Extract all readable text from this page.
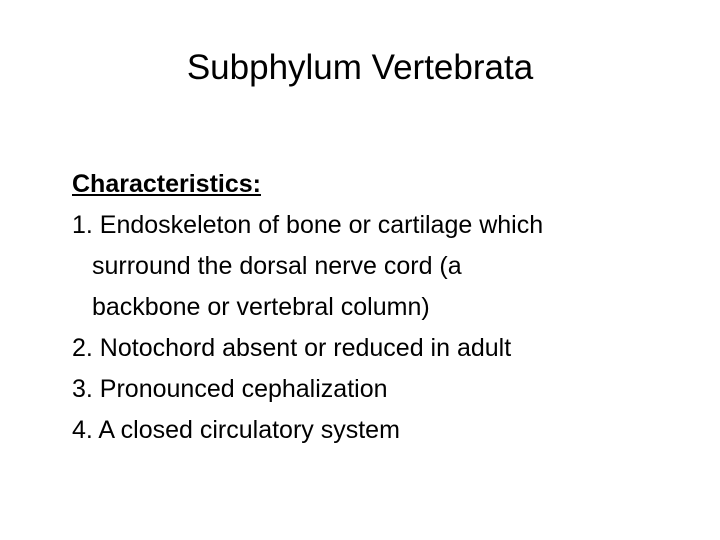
Subphylum Vertebrata
Characteristics:
1. Endoskeleton of bone or cartilage which
surround the dorsal nerve cord (a
backbone or vertebral column)
2. Notochord absent or reduced in adult
3. Pronounced cephalization
4. A closed circulatory system
